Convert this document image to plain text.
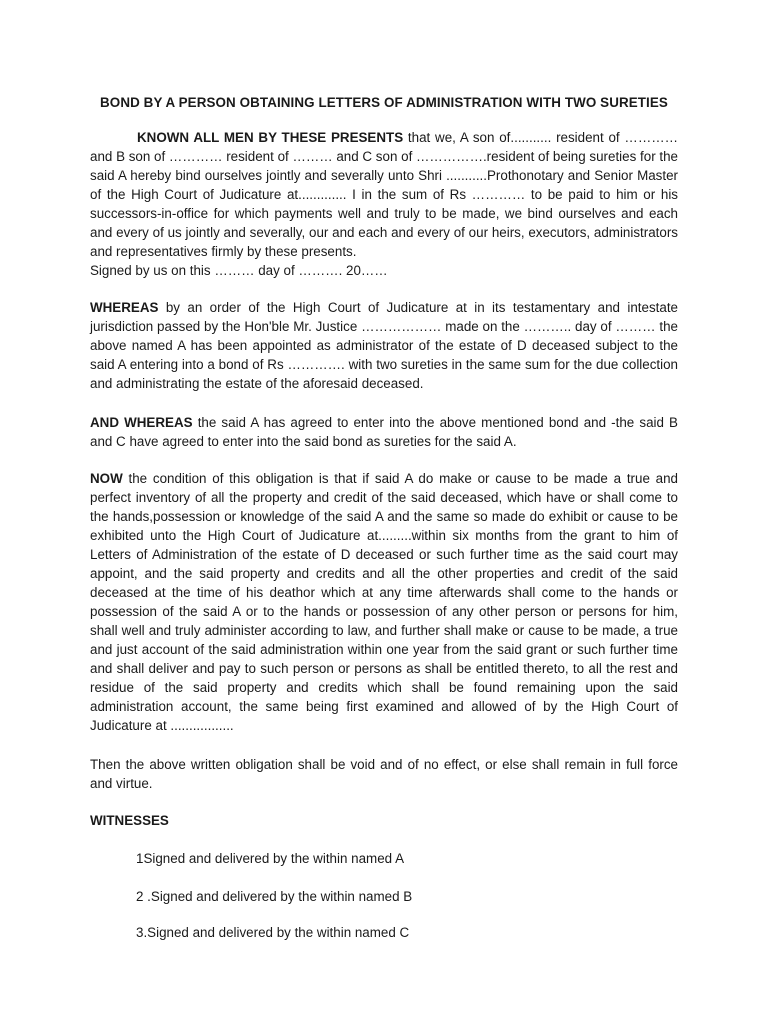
BOND BY A PERSON OBTAINING LETTERS OF ADMINISTRATION WITH TWO SURETIES

KNOWN ALL MEN BY THESE PRESENTS that we, A son of........... resident of …………and B son of ………… resident of ……… and C son of …………….resident of being sureties for the said A hereby bind ourselves jointly and severally unto Shri ...........Prothonotary and Senior Master of the High Court of Judicature at............. I in the sum of Rs ………… to be paid to him or his successors-in-office for which payments well and truly to be made, we bind ourselves and each and every of us jointly and severally, our and each and every of our heirs, executors, administrators and representatives firmly by these presents.

Signed by us on this ……… day of ………. 20……

WHEREAS by an order of the High Court of Judicature at in its testamentary and intestate jurisdiction passed by the Hon'ble Mr. Justice ……………… made on the ……….. day of ……… the above named A has been appointed as administrator of the estate of D deceased subject to the said A entering into a bond of Rs …………. with two sureties in the same sum for the due collection and administrating the estate of the aforesaid deceased.

AND WHEREAS the said A has agreed to enter into the above mentioned bond and -the said B and C have agreed to enter into the said bond as sureties for the said A.

NOW the condition of this obligation is that if said A do make or cause to be made a true and perfect inventory of all the property and credit of the said deceased, which have or shall come to the hands,possession or knowledge of the said A and the same so made do exhibit or cause to be exhibited unto the High Court of Judicature at.........within six months from the grant to him of Letters of Administration of the estate of D deceased or such further time as the said court may appoint, and the said property and credits and all the other properties and credit of the said deceased at the time of his deathor which at any time afterwards shall come to the hands or possession of the said A or to the hands or possession of any other person or persons for him, shall well and truly administer according to law, and further shall make or cause to be made, a true and just account of the said administration within one year from the said grant or such further time and shall deliver and pay to such person or persons as shall be entitled thereto, to all the rest and residue of the said property and credits which shall be found remaining upon the said administration account, the same being first examined and allowed of by the High Court of Judicature at .................

Then the above written obligation shall be void and of no effect, or else shall remain in full force and virtue.

WITNESSES
1Signed and delivered by the within named A
2 .Signed and delivered by the within named B
3.Signed and delivered by the within named C
